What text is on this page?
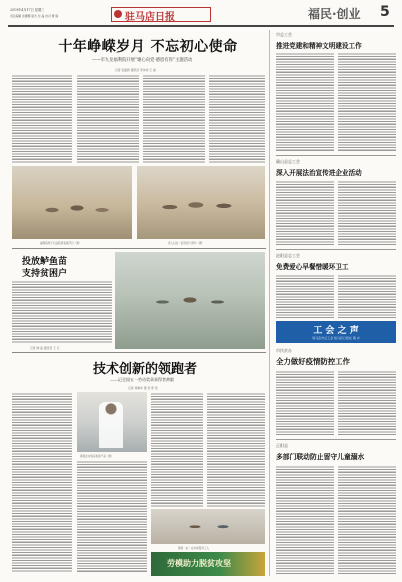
2019年4月17日 星期三
责任编辑 张娜娜 版式 付 晶 校对 曹 瑞	驻马店日报	福民·创业 5
十年峥嵘岁月 不忘初心使命
——市九龙福利院开展“谢心向党·感恩有你”主题活动
记者 张建新 通讯员 李伟伟 王 丽
福利院孩子们在院里表演节目（图）	老人们在一起庆祝十周年（图）
投放鲈鱼苗
支持贫困户
记者 晓 溪 通讯员 王 红
技术创新的领跑者
——记全国五一劳动奖章获得者黄毅
记者 刘晓华 通 讯 郑 浩
黄毅在实验室检查产品（图）
黄毅（右）在车间指导工人
劳模助力脱贫攻坚
市总工会
推进党建和精神文明建设工作
确山县总工会
深入开展法治宣传进企业活动
泌阳县总工会
免费爱心早餐惜暖环卫工
工 会 之 声
驻马店市总工会 驻马店日报社 联 办
市扶贫办
全力做好疫情防控工作
正阳县
多部门联动防止留守儿童溺水
